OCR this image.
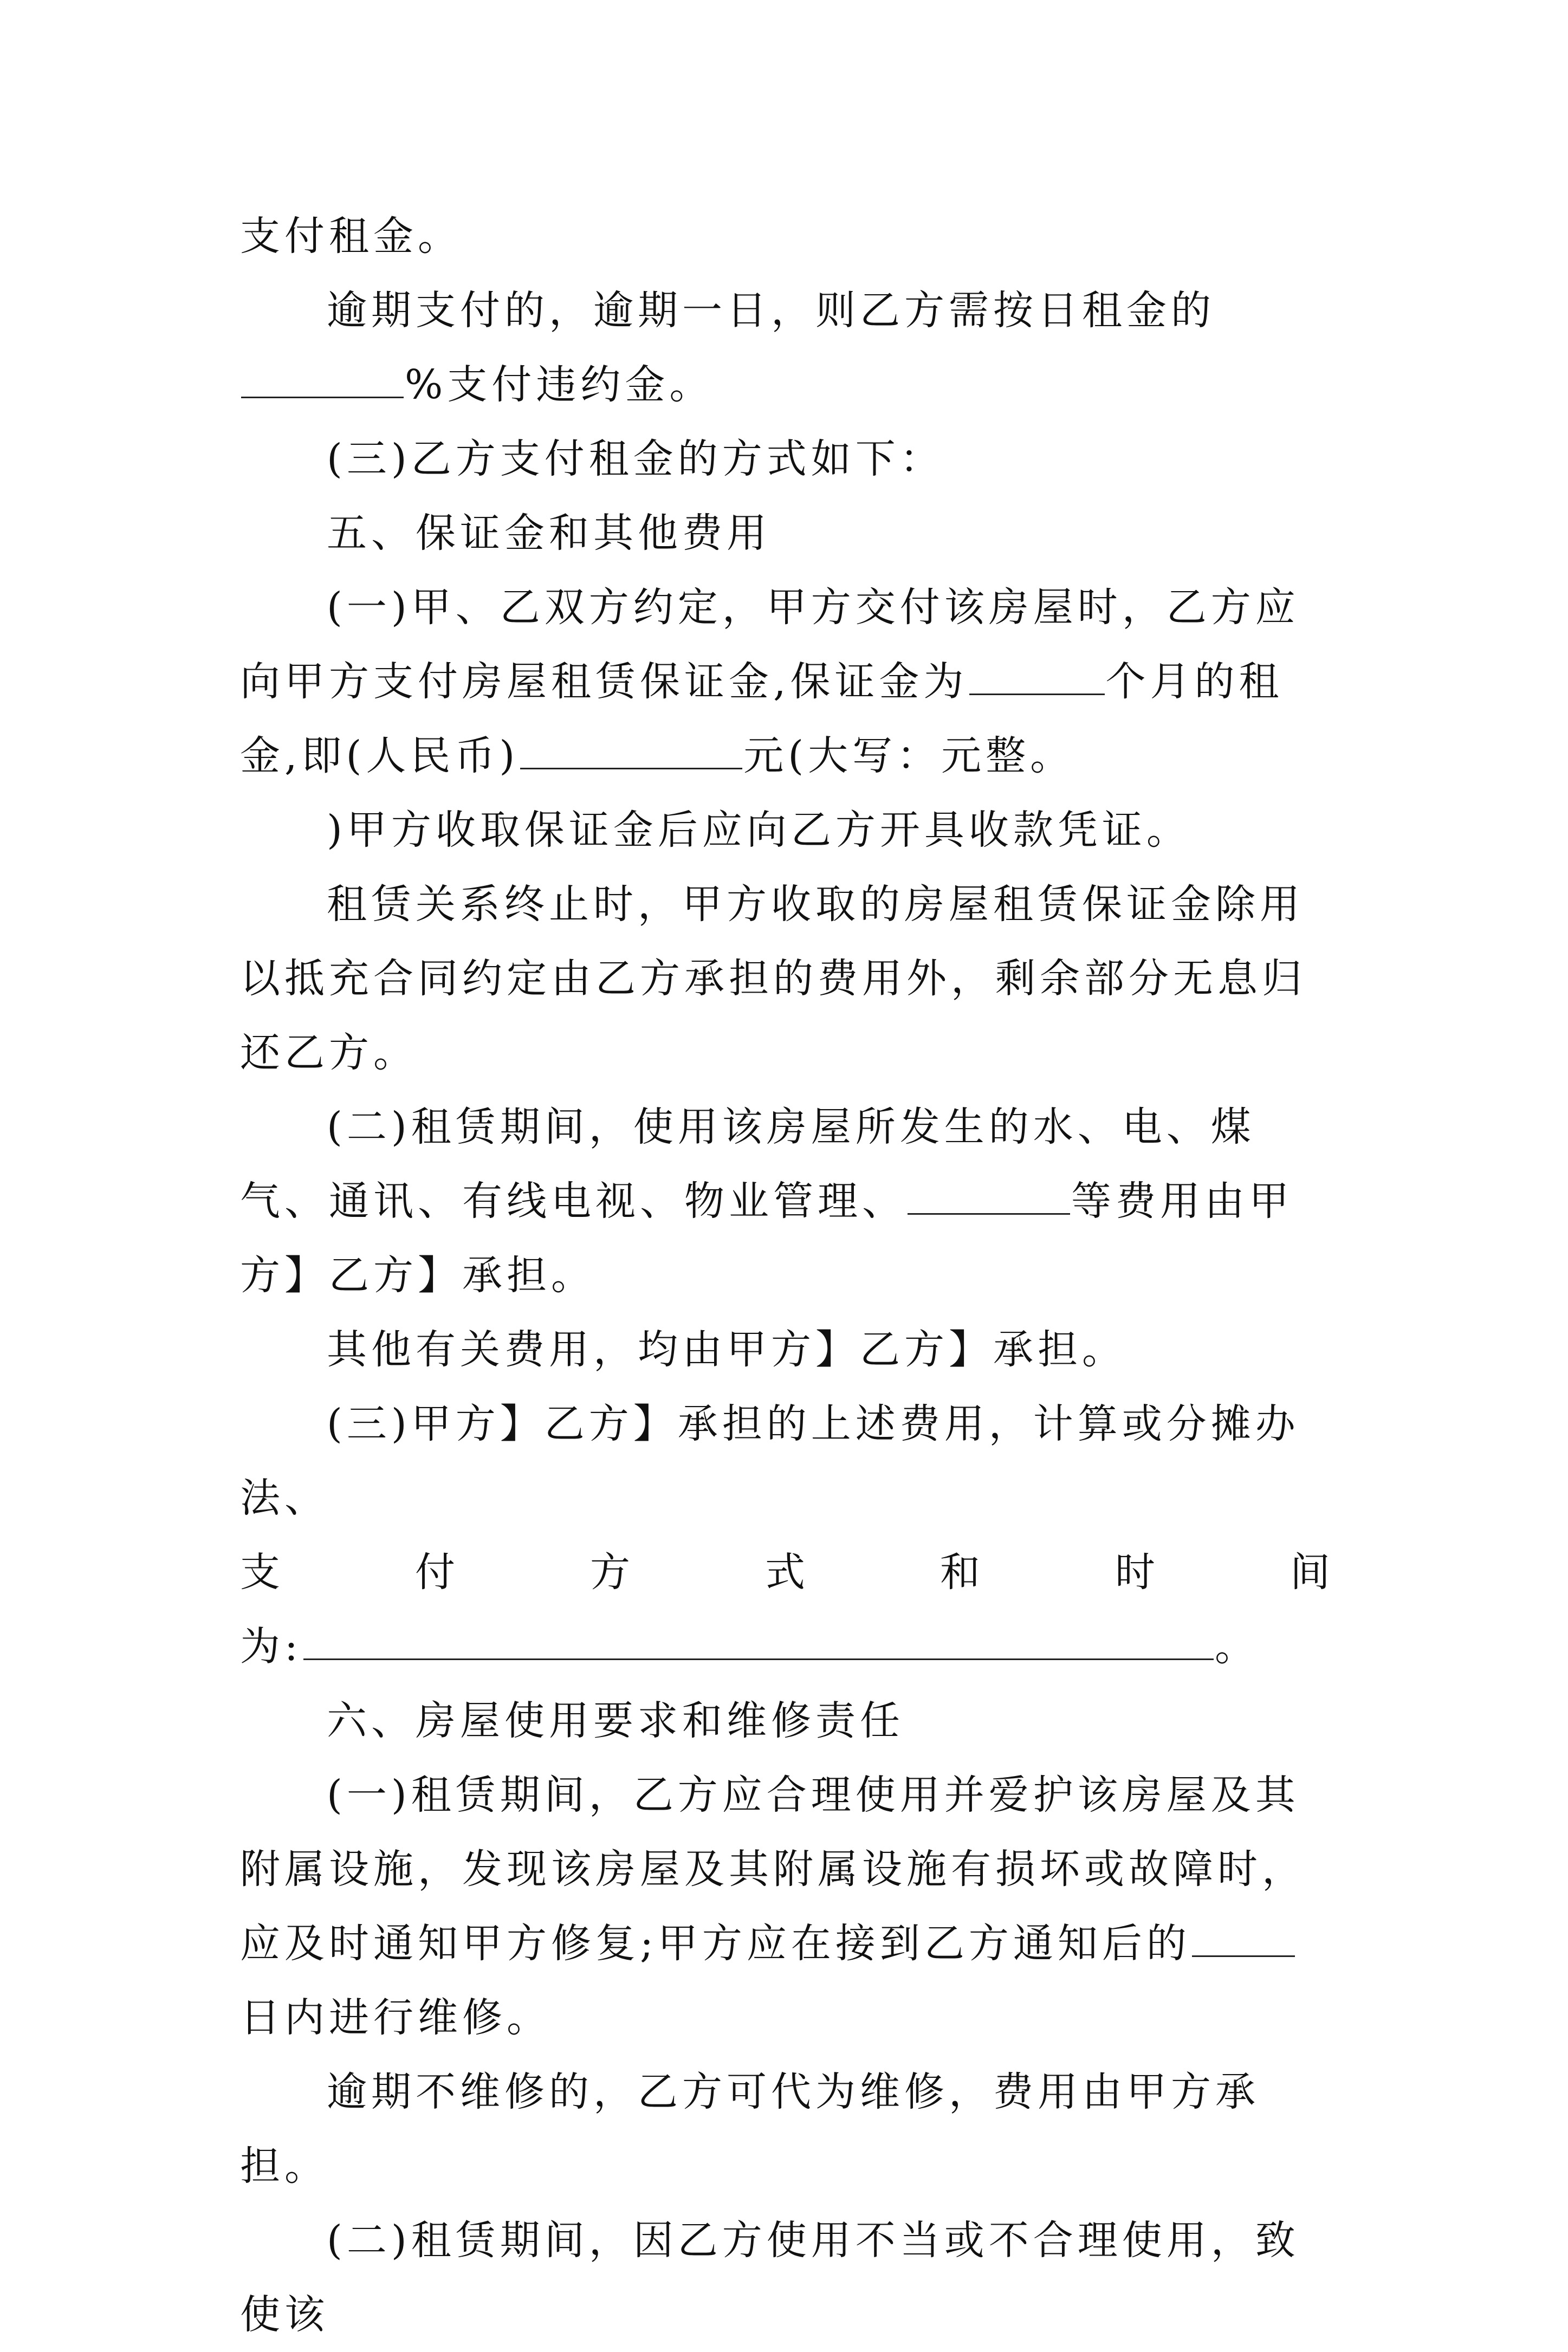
支付租金。

逾期支付的，逾期一日，则乙方需按日租金的%支付违约金。

(三)乙方支付租金的方式如下：

五、保证金和其他费用

(一)甲、乙双方约定，甲方交付该房屋时，乙方应向甲方支付房屋租赁保证金,保证金为	个月的租金,即(人民币)	元(大写：元整。

)甲方收取保证金后应向乙方开具收款凭证。

租赁关系终止时，甲方收取的房屋租赁保证金除用以抵充合同约定由乙方承担的费用外，剩余部分无息归还乙方。

(二)租赁期间，使用该房屋所发生的水、电、煤气、通讯、有线电视、物业管理、	等费用由甲方】乙方】承担。

其他有关费用，均由甲方】乙方】承担。

(三)甲方】乙方】承担的上述费用，计算或分摊办法、

支　付　方　式　和　时　间

为:	。

六、房屋使用要求和维修责任

(一)租赁期间，乙方应合理使用并爱护该房屋及其附属设施，发现该房屋及其附属设施有损坏或故障时，应及时通知甲方修复;甲方应在接到乙方通知后的日内进行维修。

逾期不维修的，乙方可代为维修，费用由甲方承担。

(二)租赁期间，因乙方使用不当或不合理使用，致使该
